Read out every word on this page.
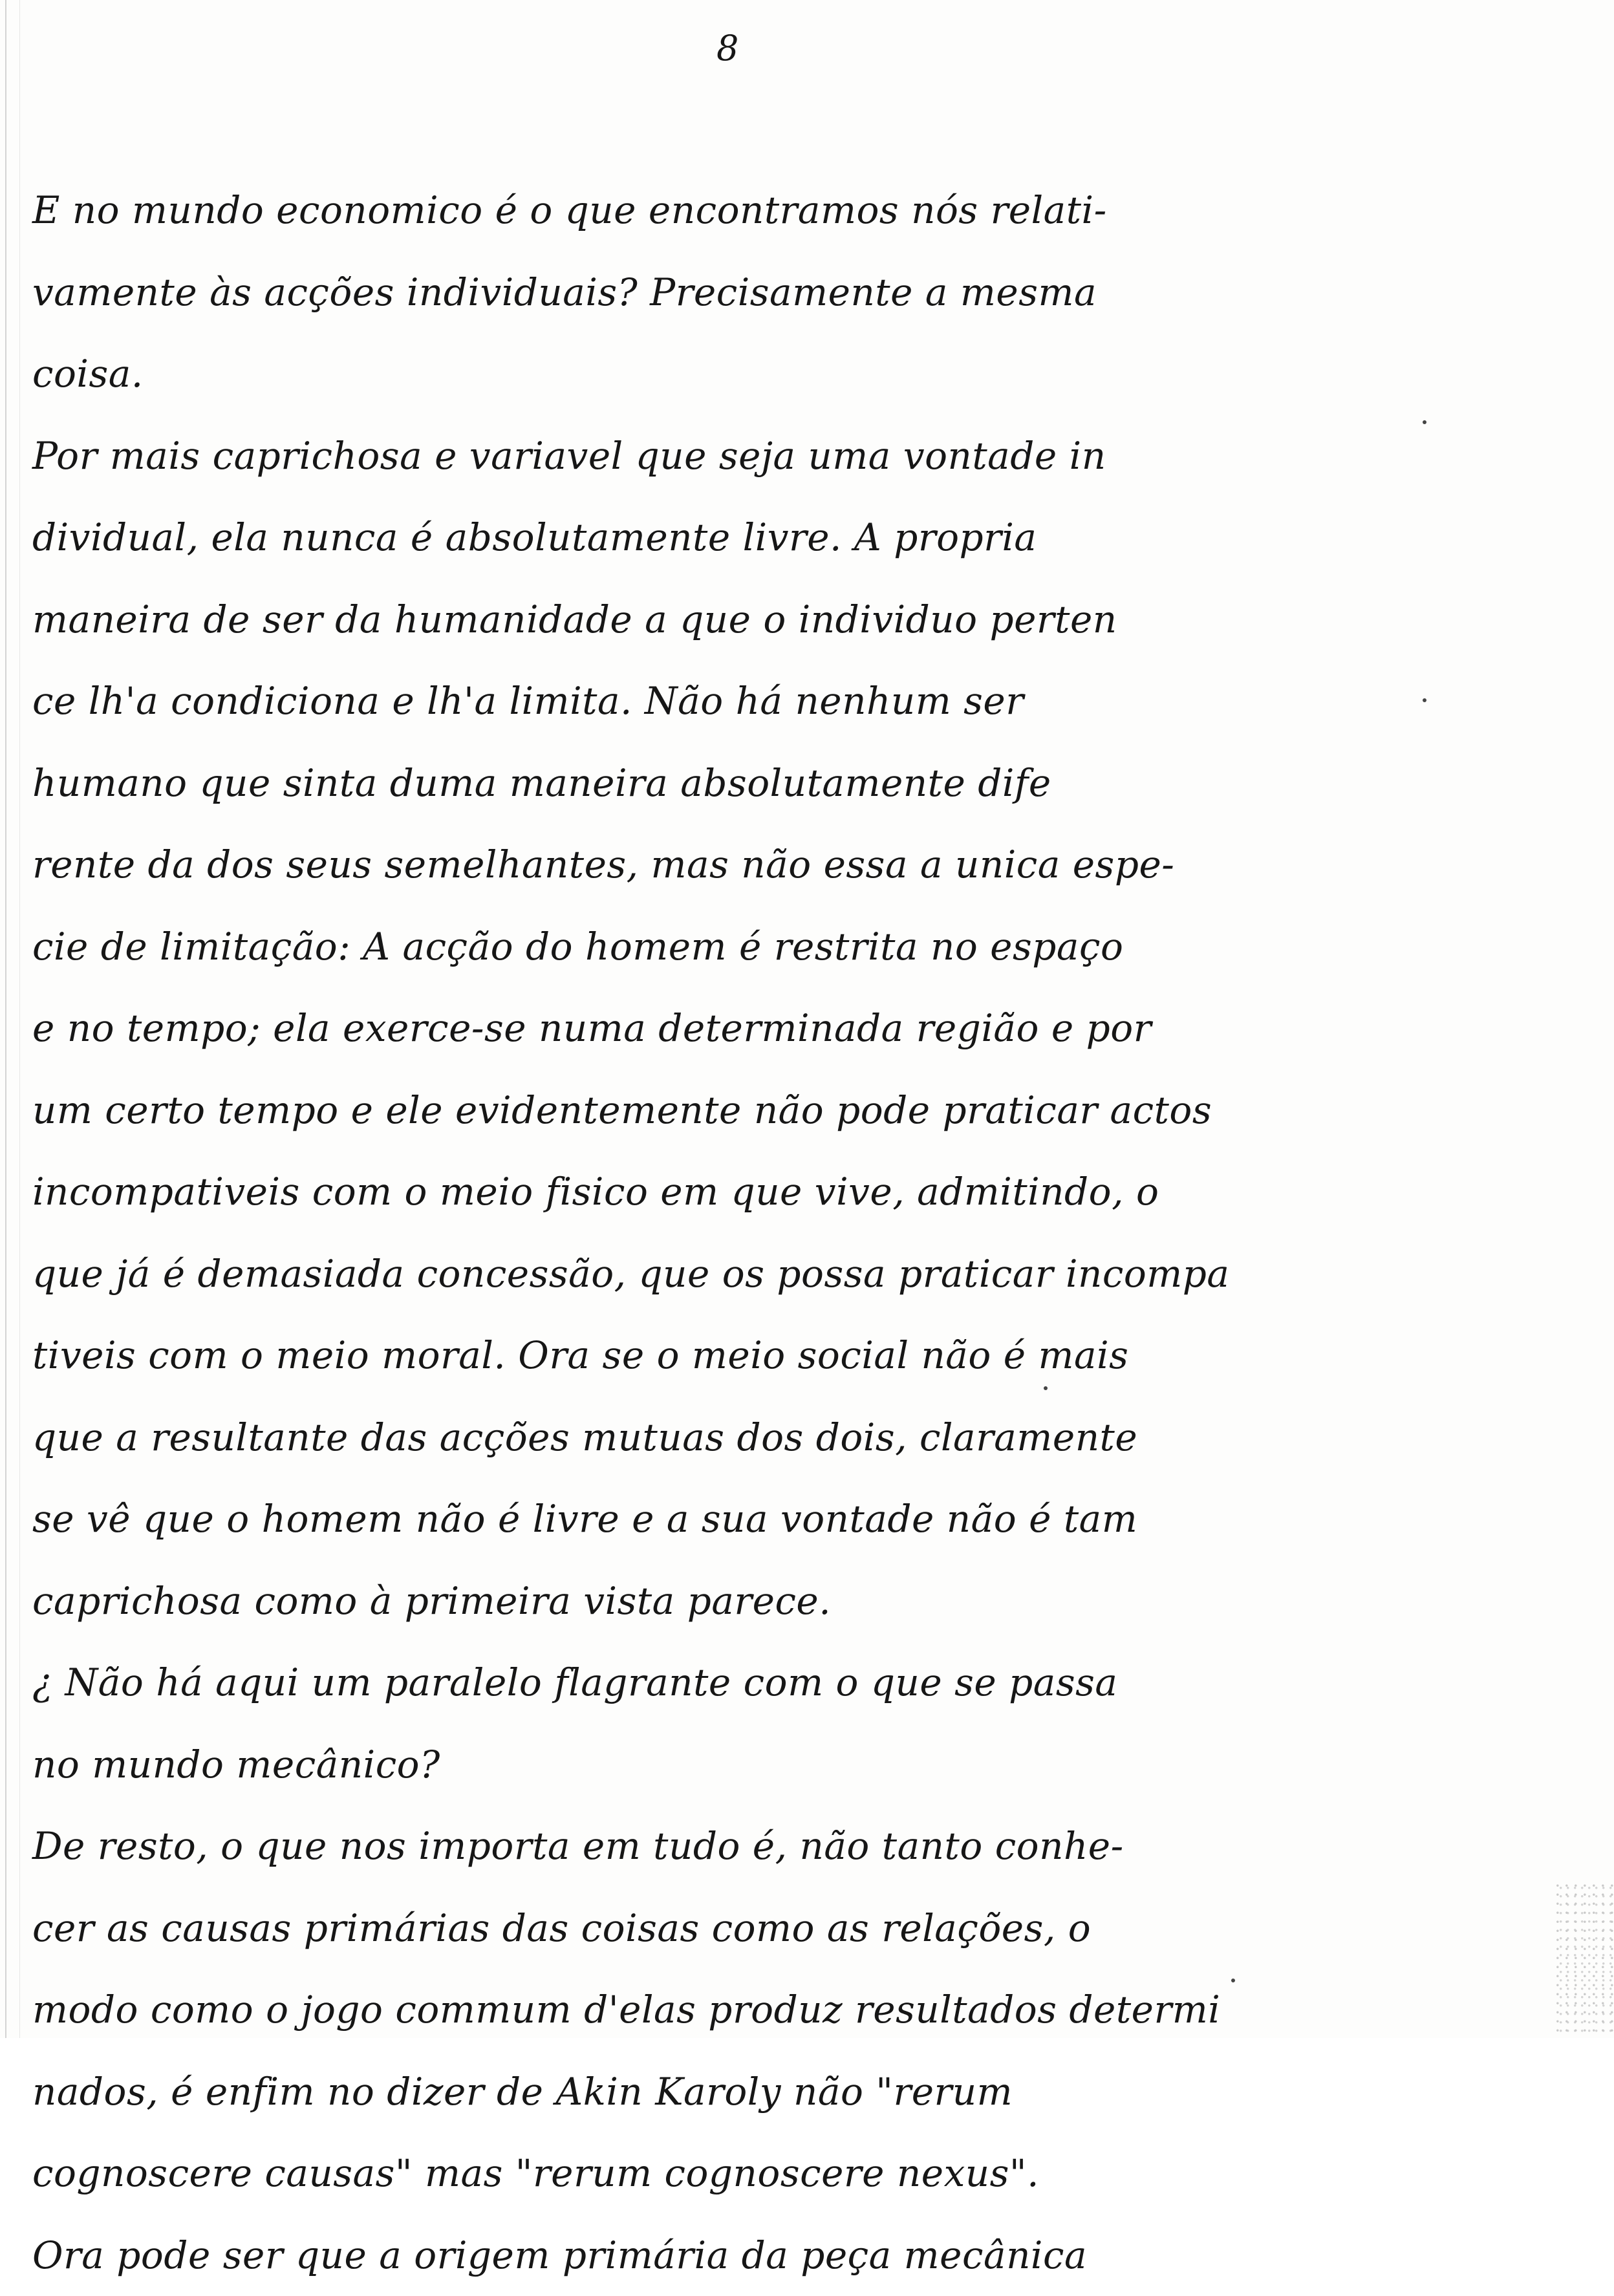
8
E no mundo economico é o que encontramos nós relati-
vamente às acções individuais? Precisamente a mesma
coisa.
Por mais caprichosa e variavel que seja uma vontade in
dividual, ela nunca é absolutamente livre. A propria
maneira de ser da humanidade a que o individuo perten
ce lh'a condiciona e lh'a limita. Não há nenhum ser
humano que sinta duma maneira absolutamente dife
rente da dos seus semelhantes, mas não essa a unica espe-
cie de limitação: A acção do homem é restrita no espaço
e no tempo; ela exerce-se numa determinada região e por
um certo tempo e ele evidentemente não pode praticar actos
incompativeis com o meio fisico em que vive, admitindo, o
que já é demasiada concessão, que os possa praticar incompa
tiveis com o meio moral. Ora se o meio social não é mais
que a resultante das acções mutuas dos dois, claramente
se vê que o homem não é livre e a sua vontade não é tam
caprichosa como à primeira vista parece.
¿ Não há aqui um paralelo flagrante com o que se passa
no mundo mecânico?
De resto, o que nos importa em tudo é, não tanto conhe-
cer as causas primárias das coisas como as relações, o
modo como o jogo commum d'elas produz resultados determi
nados, é enfim no dizer de Akin Karoly não "rerum
cognoscere causas" mas "rerum cognoscere nexus".
Ora pode ser que a origem primária da peça mecânica
